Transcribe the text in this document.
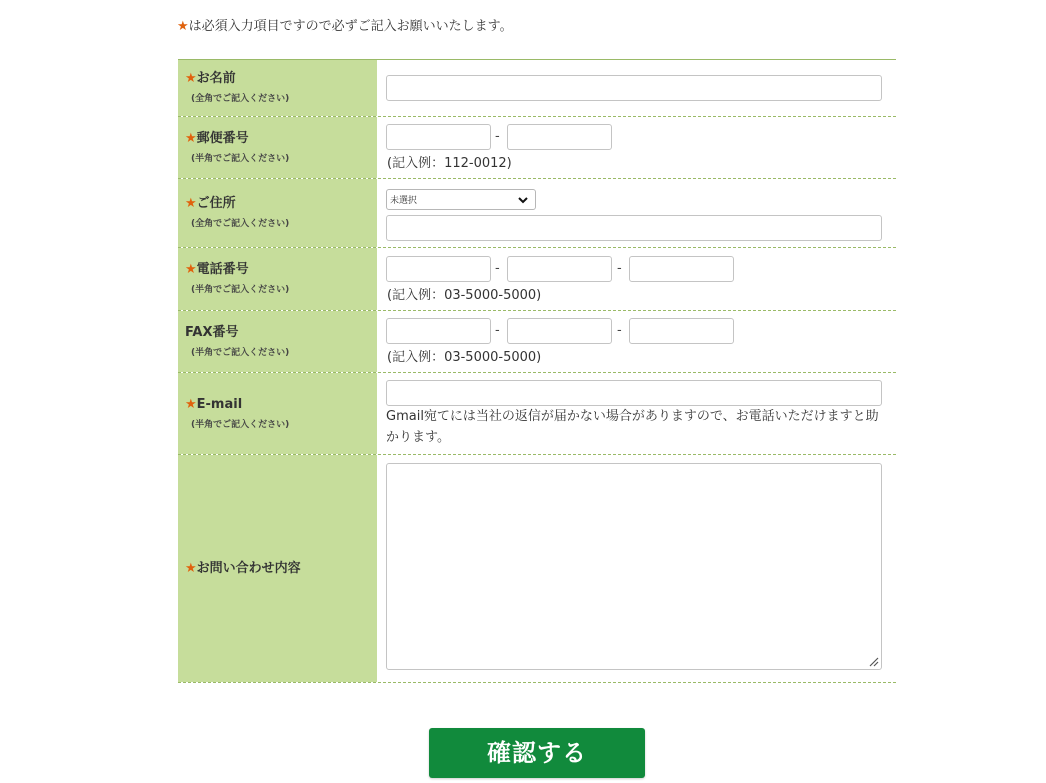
★は必須入力項目ですので必ずご記入お願いいたします。
★お名前
(全角でご記入ください)
★郵便番号
(半角でご記入ください)
-
(記入例：112-0012)
★ご住所
(全角でご記入ください)
未選択
★電話番号
(半角でご記入ください)
-	-
(記入例：03-5000-5000)
FAX番号
(半角でご記入ください)
-	-
(記入例：03-5000-5000)
★E-mail
(半角でご記入ください)
Gmail宛てには当社の返信が届かない場合がありますので、お電話いただけますと助かります。
★お問い合わせ内容
確認する
